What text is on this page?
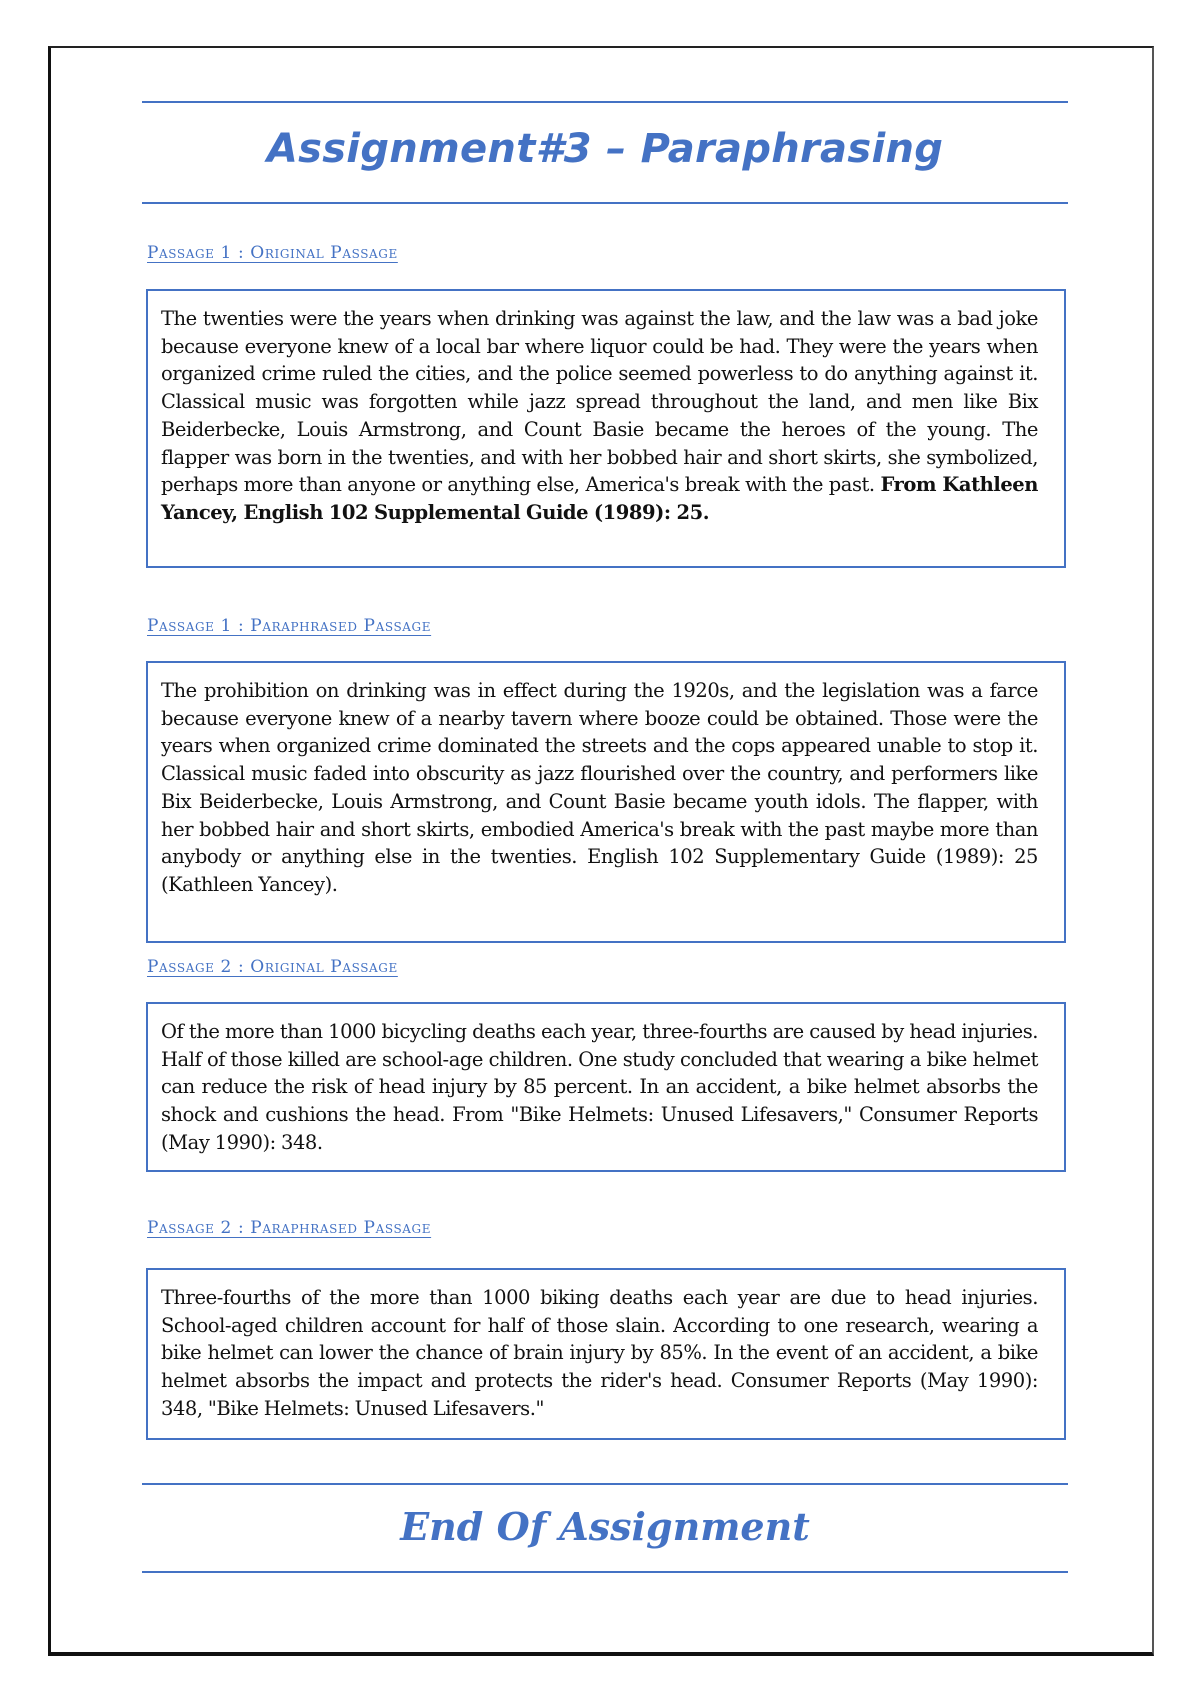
Assignment#3 – Paraphrasing
Passage 1 : Original Passage

The twenties were the years when drinking was against the law, and the law was a bad joke because everyone knew of a local bar where liquor could be had. They were the years when organized crime ruled the cities, and the police seemed powerless to do anything against it. Classical music was forgotten while jazz spread throughout the land, and men like Bix Beiderbecke, Louis Armstrong, and Count Basie became the heroes of the young. The flapper was born in the twenties, and with her bobbed hair and short skirts, she symbolized, perhaps more than anyone or anything else, America's break with the past. From Kathleen Yancey, English 102 Supplemental Guide (1989): 25.

Passage 1 : Paraphrased Passage

The prohibition on drinking was in effect during the 1920s, and the legislation was a farce because everyone knew of a nearby tavern where booze could be obtained. Those were the years when organized crime dominated the streets and the cops appeared unable to stop it. Classical music faded into obscurity as jazz flourished over the country, and performers like Bix Beiderbecke, Louis Armstrong, and Count Basie became youth idols. The flapper, with her bobbed hair and short skirts, embodied America's break with the past maybe more than anybody or anything else in the twenties. English 102 Supplementary Guide (1989): 25 (Kathleen Yancey).

Passage 2 : Original Passage

Of the more than 1000 bicycling deaths each year, three-fourths are caused by head injuries. Half of those killed are school-age children. One study concluded that wearing a bike helmet can reduce the risk of head injury by 85 percent. In an accident, a bike helmet absorbs the shock and cushions the head. From "Bike Helmets: Unused Lifesavers," Consumer Reports (May 1990): 348.

Passage 2 : Paraphrased Passage

Three-fourths of the more than 1000 biking deaths each year are due to head injuries. School-aged children account for half of those slain. According to one research, wearing a bike helmet can lower the chance of brain injury by 85%. In the event of an accident, a bike helmet absorbs the impact and protects the rider's head. Consumer Reports (May 1990): 348, "Bike Helmets: Unused Lifesavers."

End Of Assignment
